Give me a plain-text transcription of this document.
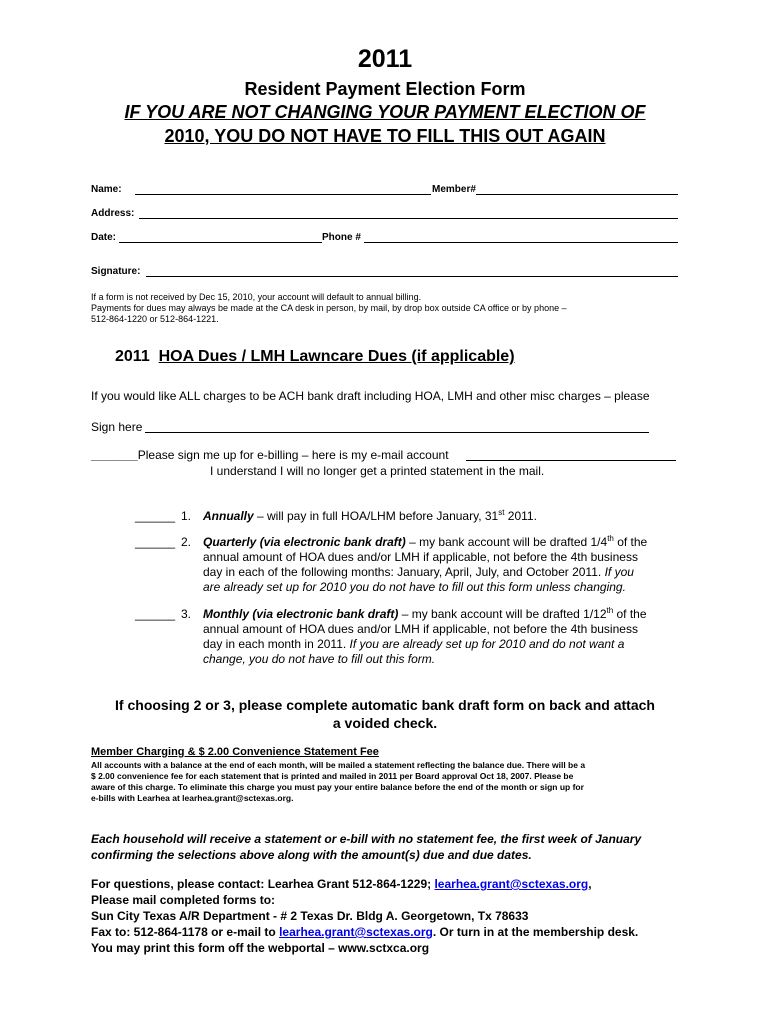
2011
Resident Payment Election Form
IF YOU ARE NOT CHANGING YOUR PAYMENT ELECTION OF
2010, YOU DO NOT HAVE TO FILL THIS OUT AGAIN
Name:	Member#
Address:
Date:	Phone #
Signature:
If a form is not received by Dec 15, 2010, your account will default to annual billing.
Payments for dues may always be made at the CA desk in person, by mail, by drop box outside CA office or by phone –
512-864-1220 or 512-864-1221.
2011 HOA Dues / LMH Lawncare Dues (if applicable)
If you would like ALL charges to be ACH bank draft including HOA, LMH and other misc charges – please
Sign here
_______Please sign me up for e-billing – here is my e-mail account
I understand I will no longer get a printed statement in the mail.
______ 1. Annually – will pay in full HOA/LHM before January, 31st 2011.
______ 2. Quarterly (via electronic bank draft) – my bank account will be drafted 1/4th of the
annual amount of HOA dues and/or LMH if applicable, not before the 4th business
day in each of the following months: January, April, July, and October 2011. If you
are already set up for 2010 you do not have to fill out this form unless changing.
______ 3. Monthly (via electronic bank draft) – my bank account will be drafted 1/12th of the
annual amount of HOA dues and/or LMH if applicable, not before the 4th business
day in each month in 2011. If you are already set up for 2010 and do not want a
change, you do not have to fill out this form.
If choosing 2 or 3, please complete automatic bank draft form on back and attach
a voided check.
Member Charging & $ 2.00 Convenience Statement Fee
All accounts with a balance at the end of each month, will be mailed a statement reflecting the balance due. There will be a
$ 2.00 convenience fee for each statement that is printed and mailed in 2011 per Board approval Oct 18, 2007. Please be
aware of this charge. To eliminate this charge you must pay your entire balance before the end of the month or sign up for
e-bills with Learhea at learhea.grant@sctexas.org.
Each household will receive a statement or e-bill with no statement fee, the first week of January
confirming the selections above along with the amount(s) due and due dates.
For questions, please contact: Learhea Grant 512-864-1229; learhea.grant@sctexas.org,
Please mail completed forms to:
Sun City Texas A/R Department - # 2 Texas Dr. Bldg A. Georgetown, Tx 78633
Fax to: 512-864-1178 or e-mail to learhea.grant@sctexas.org. Or turn in at the membership desk.
You may print this form off the webportal – www.sctxca.org
